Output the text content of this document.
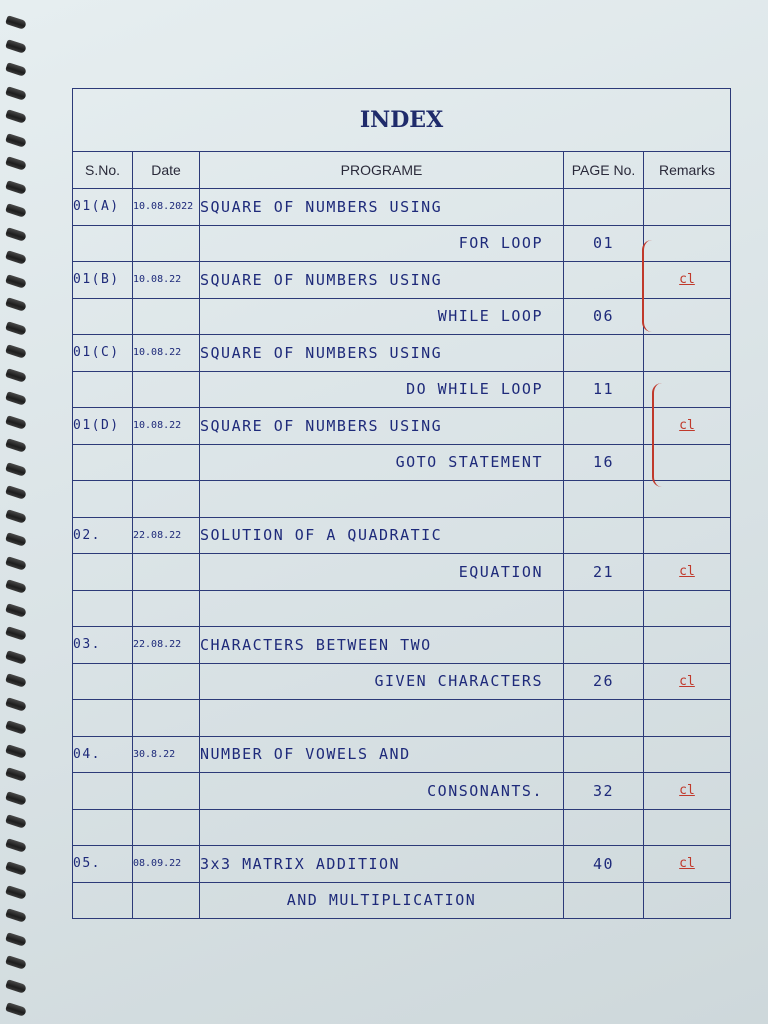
INDEX				
S.No.	Date	PROGRAME	PAGE No.	Remarks
01(A)	10.08.2022	SQUARE OF NUMBERS USING		
		FOR LOOP	01	
01(B)	10.08.22	SQUARE OF NUMBERS USING		cl
		WHILE LOOP	06	
01(C)	10.08.22	SQUARE OF NUMBERS USING		
		DO WHILE LOOP	11	
01(D)	10.08.22	SQUARE OF NUMBERS USING		cl
		GOTO STATEMENT	16	

02.	22.08.22	SOLUTION OF A QUADRATIC		
		EQUATION	21	cl

03.	22.08.22	CHARACTERS BETWEEN TWO		
		GIVEN CHARACTERS	26	cl

04.	30.8.22	NUMBER OF VOWELS AND		
		CONSONANTS.	32	cl

05.	08.09.22	3x3 MATRIX ADDITION	40	cl
		AND MULTIPLICATION		
